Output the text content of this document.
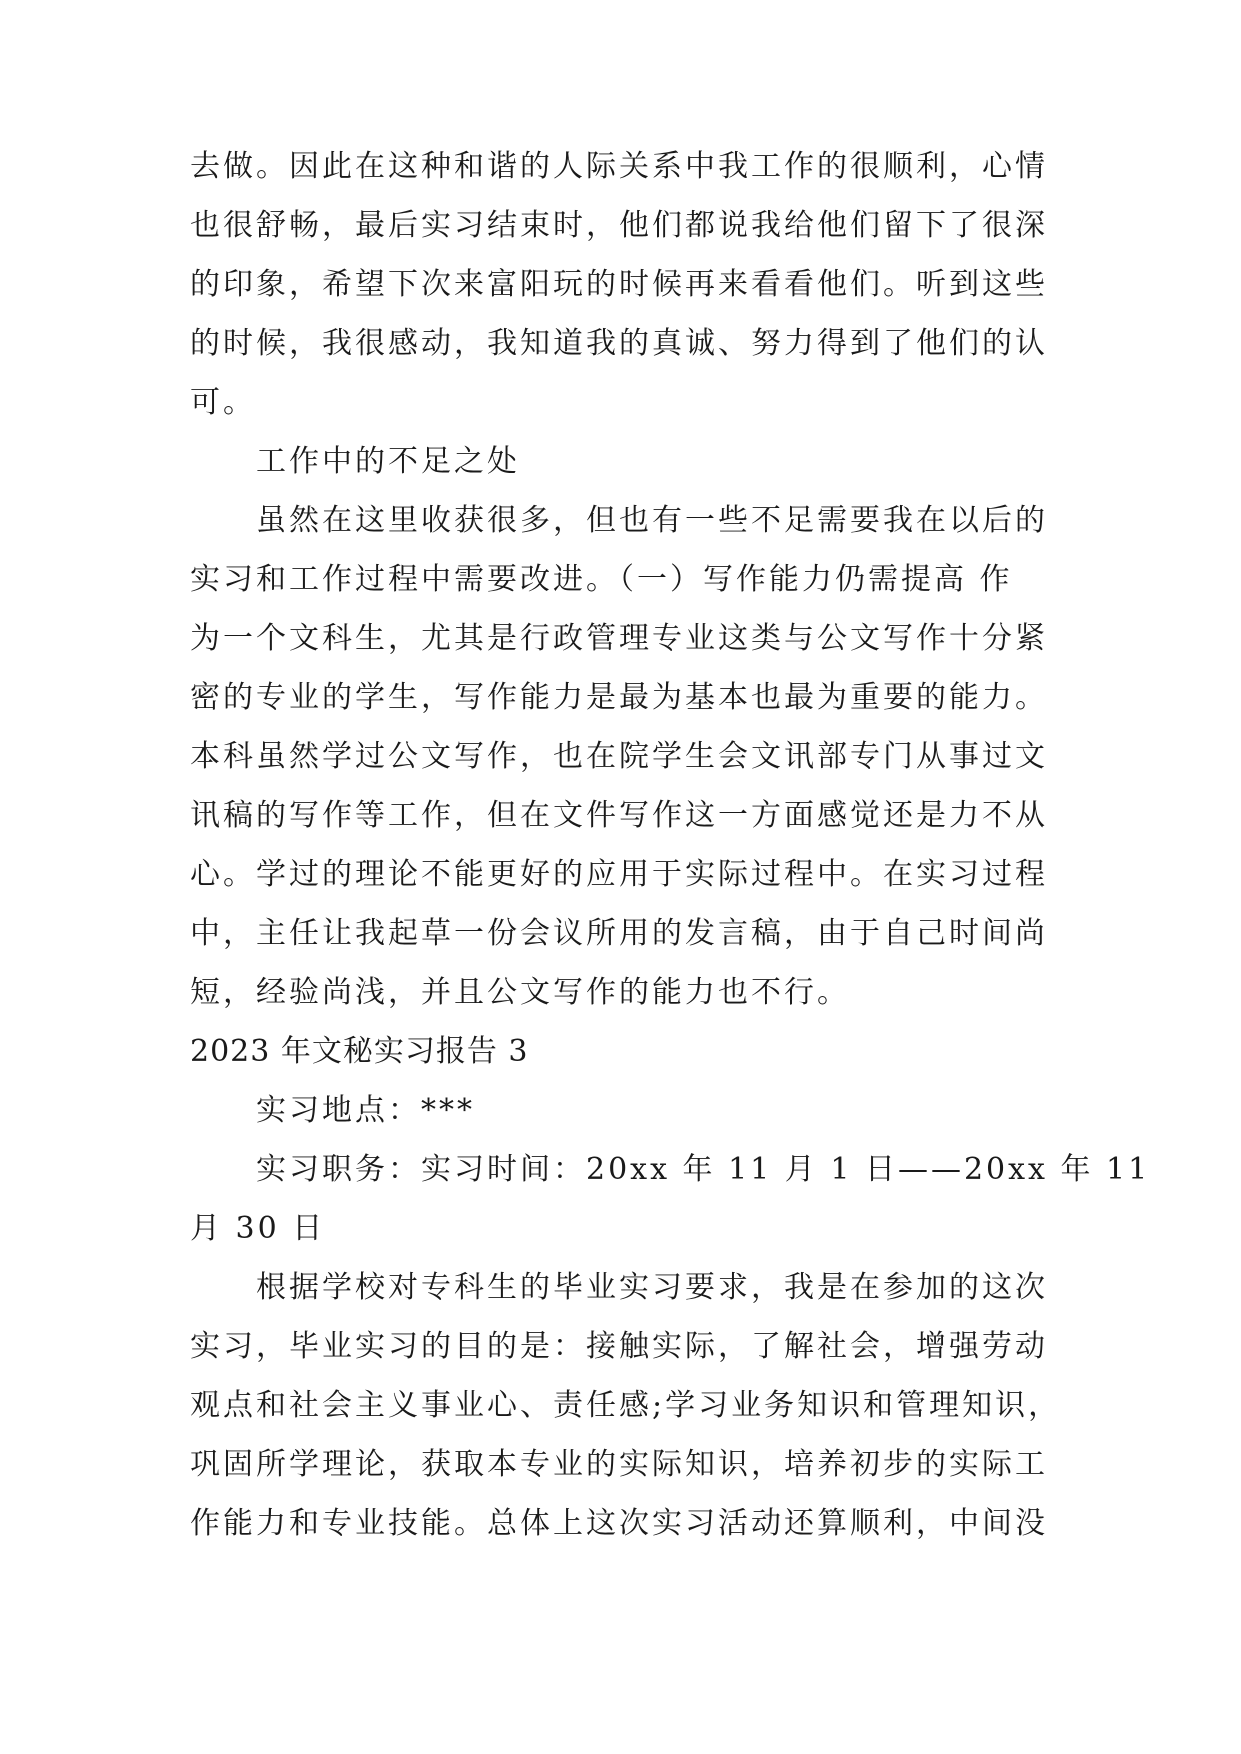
去做。因此在这种和谐的人际关系中我工作的很顺利，心情

也很舒畅，最后实习结束时，他们都说我给他们留下了很深

的印象，希望下次来富阳玩的时候再来看看他们。听到这些

的时候，我很感动，我知道我的真诚、努力得到了他们的认

可。

工作中的不足之处

虽然在这里收获很多，但也有一些不足需要我在以后的

实习和工作过程中需要改进。（一）写作能力仍需提高 作

为一个文科生，尤其是行政管理专业这类与公文写作十分紧

密的专业的学生，写作能力是最为基本也最为重要的能力。

本科虽然学过公文写作，也在院学生会文讯部专门从事过文

讯稿的写作等工作，但在文件写作这一方面感觉还是力不从

心。学过的理论不能更好的应用于实际过程中。在实习过程

中，主任让我起草一份会议所用的发言稿，由于自己时间尚

短，经验尚浅，并且公文写作的能力也不行。

2023 年文秘实习报告 3

实习地点：***

实习职务：实习时间：20xx 年 11 月 1 日——20xx 年 11

月 30 日

根据学校对专科生的毕业实习要求，我是在参加的这次

实习，毕业实习的目的是：接触实际，了解社会，增强劳动

观点和社会主义事业心、责任感;学习业务知识和管理知识，

巩固所学理论，获取本专业的实际知识，培养初步的实际工

作能力和专业技能。总体上这次实习活动还算顺利，中间没
